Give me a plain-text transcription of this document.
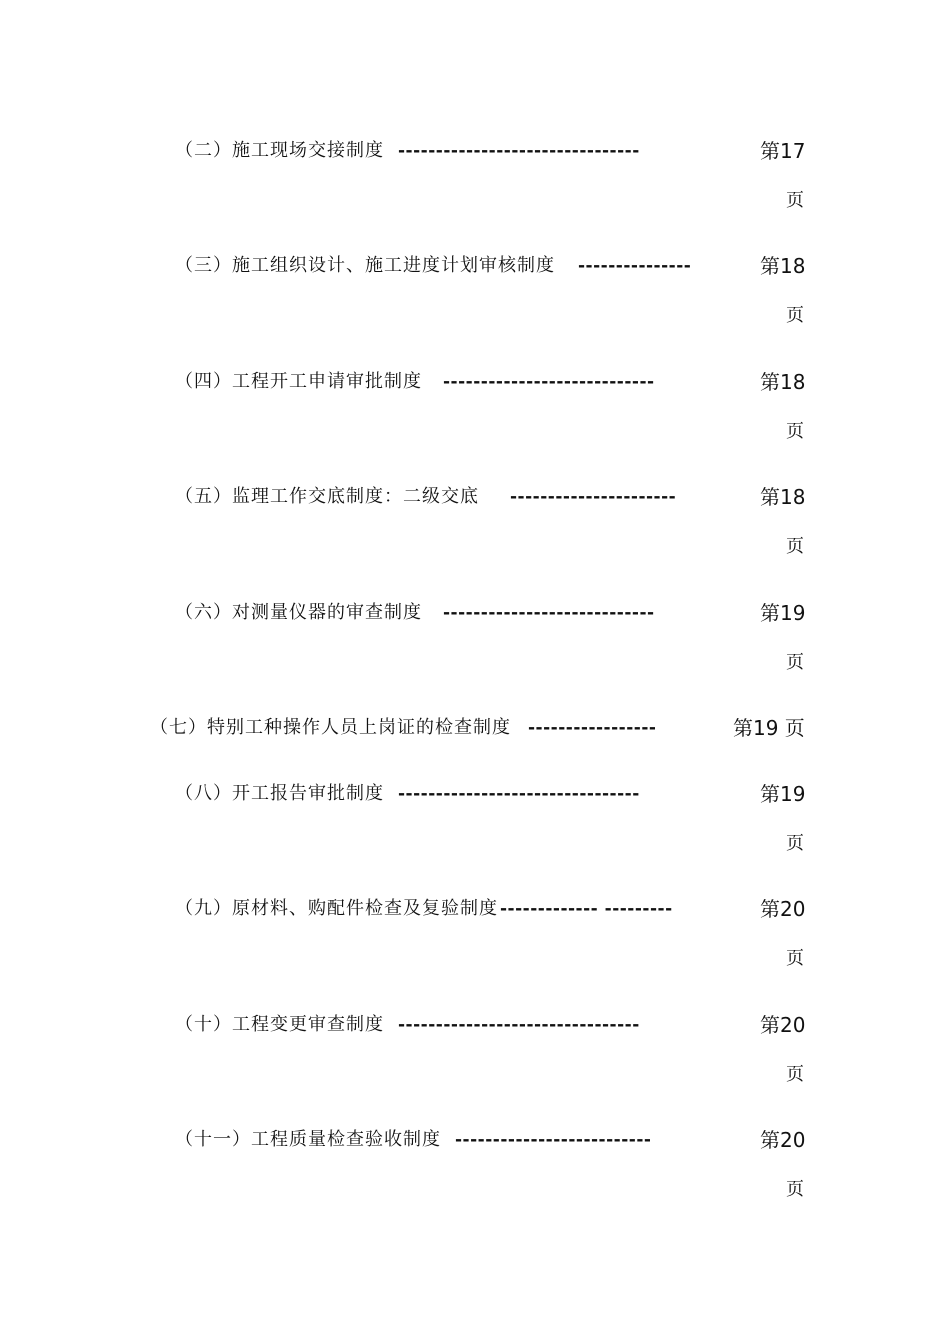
（二）施工现场交接制度 --------------------------------	第17
页
（三）施工组织设计、施工进度计划审核制度 ---------------	第18
页
（四）工程开工申请审批制度 ----------------------------	第18
页
（五）监理工作交底制度：二级交底 ----------------------	第18
页
（六）对测量仪器的审查制度 ----------------------------	第19
页
（七）特别工种操作人员上岗证的检查制度 -----------------	第19 页
（八）开工报告审批制度 --------------------------------	第19
页
（九）原材料、购配件检查及复验制度 ------------- ---------	第20
页
（十）工程变更审查制度 --------------------------------	第20
页
（十一）工程质量检查验收制度 --------------------------	第20
页
